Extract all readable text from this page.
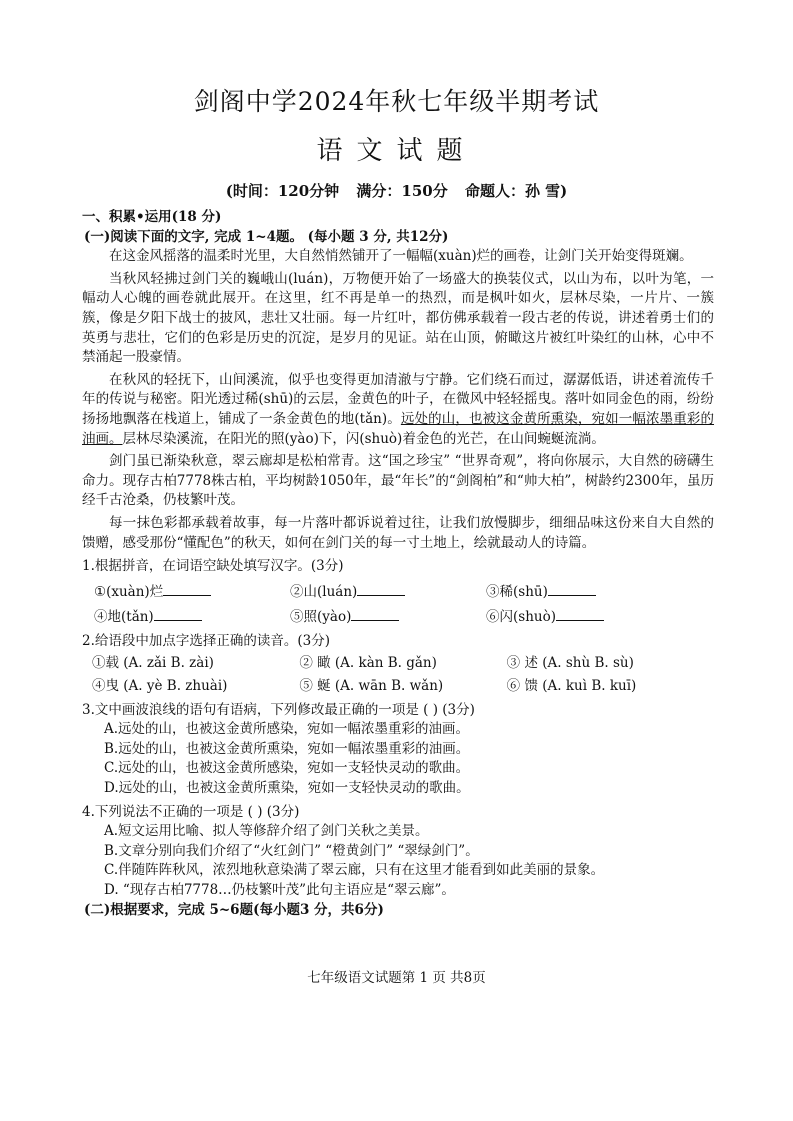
剑阁中学2024年秋七年级半期考试
语文试题
(时间：120分钟 满分：150分 命题人：孙 雪)

一、积累•运用(18 分)

(一)阅读下面的文字, 完成 1~4题。 (每小题 3 分, 共12分)

在这金风摇落的温柔时光里，大自然悄然铺开了一幅幅(xuàn)烂的画卷，让剑门关开始变得斑斓。

当秋风轻拂过剑门关的巍峨山(luán)，万物便开始了一场盛大的换装仪式，以山为布，以叶为笔，一幅动人心魄的画卷就此展开。在这里，红不再是单一的热烈，而是枫叶如火，层林尽染，一片片、一簇簇，像是夕阳下战士的披风，悲壮又壮丽。每一片红叶，都仿佛承载着一段古老的传说，讲述着勇士们的英勇与悲壮，它们的色彩是历史的沉淀，是岁月的见证。站在山顶，俯瞰这片被红叶染红的山林，心中不禁涌起一股豪情。

在秋风的轻抚下，山间溪流，似乎也变得更加清澈与宁静。它们绕石而过，潺潺低语，讲述着流传千年的传说与秘密。阳光透过稀(shū)的云层，金黄色的叶子，在微风中轻轻摇曳。落叶如同金色的雨，纷纷扬扬地飘落在栈道上，铺成了一条金黄色的地(tǎn)。远处的山，也被这金黄所熏染，宛如一幅浓墨重彩的油画。层林尽染溪流，在阳光的照(yào)下，闪(shuò)着金色的光芒，在山间蜿蜒流淌。

剑门虽已渐染秋意，翠云廊却是松柏常青。这“国之珍宝” “世界奇观”，将向你展示，大自然的磅礴生命力。现存古柏7778株古柏，平均树龄1050年，最“年长”的“剑阁柏”和“帅大柏”，树龄约2300年，虽历经千古沧桑，仍枝繁叶茂。

每一抹色彩都承载着故事，每一片落叶都诉说着过往，让我们放慢脚步，细细品味这份来自大自然的馈赠，感受那份“懂配色”的秋天，如何在剑门关的每一寸土地上，绘就最动人的诗篇。

1.根据拼音，在词语空缺处填写汉字。(3分)

①(xuàn)烂	②山(luán)	③稀(shū)
④地(tǎn)	⑤照(yào)	⑥闪(shuò)

2.给语段中加点字选择正确的读音。(3分)

①载 (A. zǎi B. zài)	② 瞰 (A. kàn B. gǎn)	③ 述 (A. shù B. sù)
④曳 (A. yè B. zhuài)	⑤ 蜒 (A. wān B. wǎn)	⑥ 馈 (A. kuì B. kuī)

3.文中画波浪线的语句有语病，下列修改最正确的一项是 ( ) (3分)

A.远处的山，也被这金黄所感染，宛如一幅浓墨重彩的油画。

B.远处的山，也被这金黄所熏染，宛如一幅浓墨重彩的油画。

C.远处的山，也被这金黄所感染，宛如一支轻快灵动的歌曲。

D.远处的山，也被这金黄所熏染，宛如一支轻快灵动的歌曲。

4.下列说法不正确的一项是 ( ) (3分)

A.短文运用比喻、拟人等修辞介绍了剑门关秋之美景。

B.文章分别向我们介绍了“火红剑门” “橙黄剑门” “翠绿剑门”。

C.伴随阵阵秋风，浓烈地秋意染满了翠云廊，只有在这里才能看到如此美丽的景象。

D. “现存古柏7778…仍枝繁叶茂”此句主语应是“翠云廊”。

(二)根据要求，完成 5~6题(每小题3 分，共6分)

七年级语文试题第 1 页 共8页
